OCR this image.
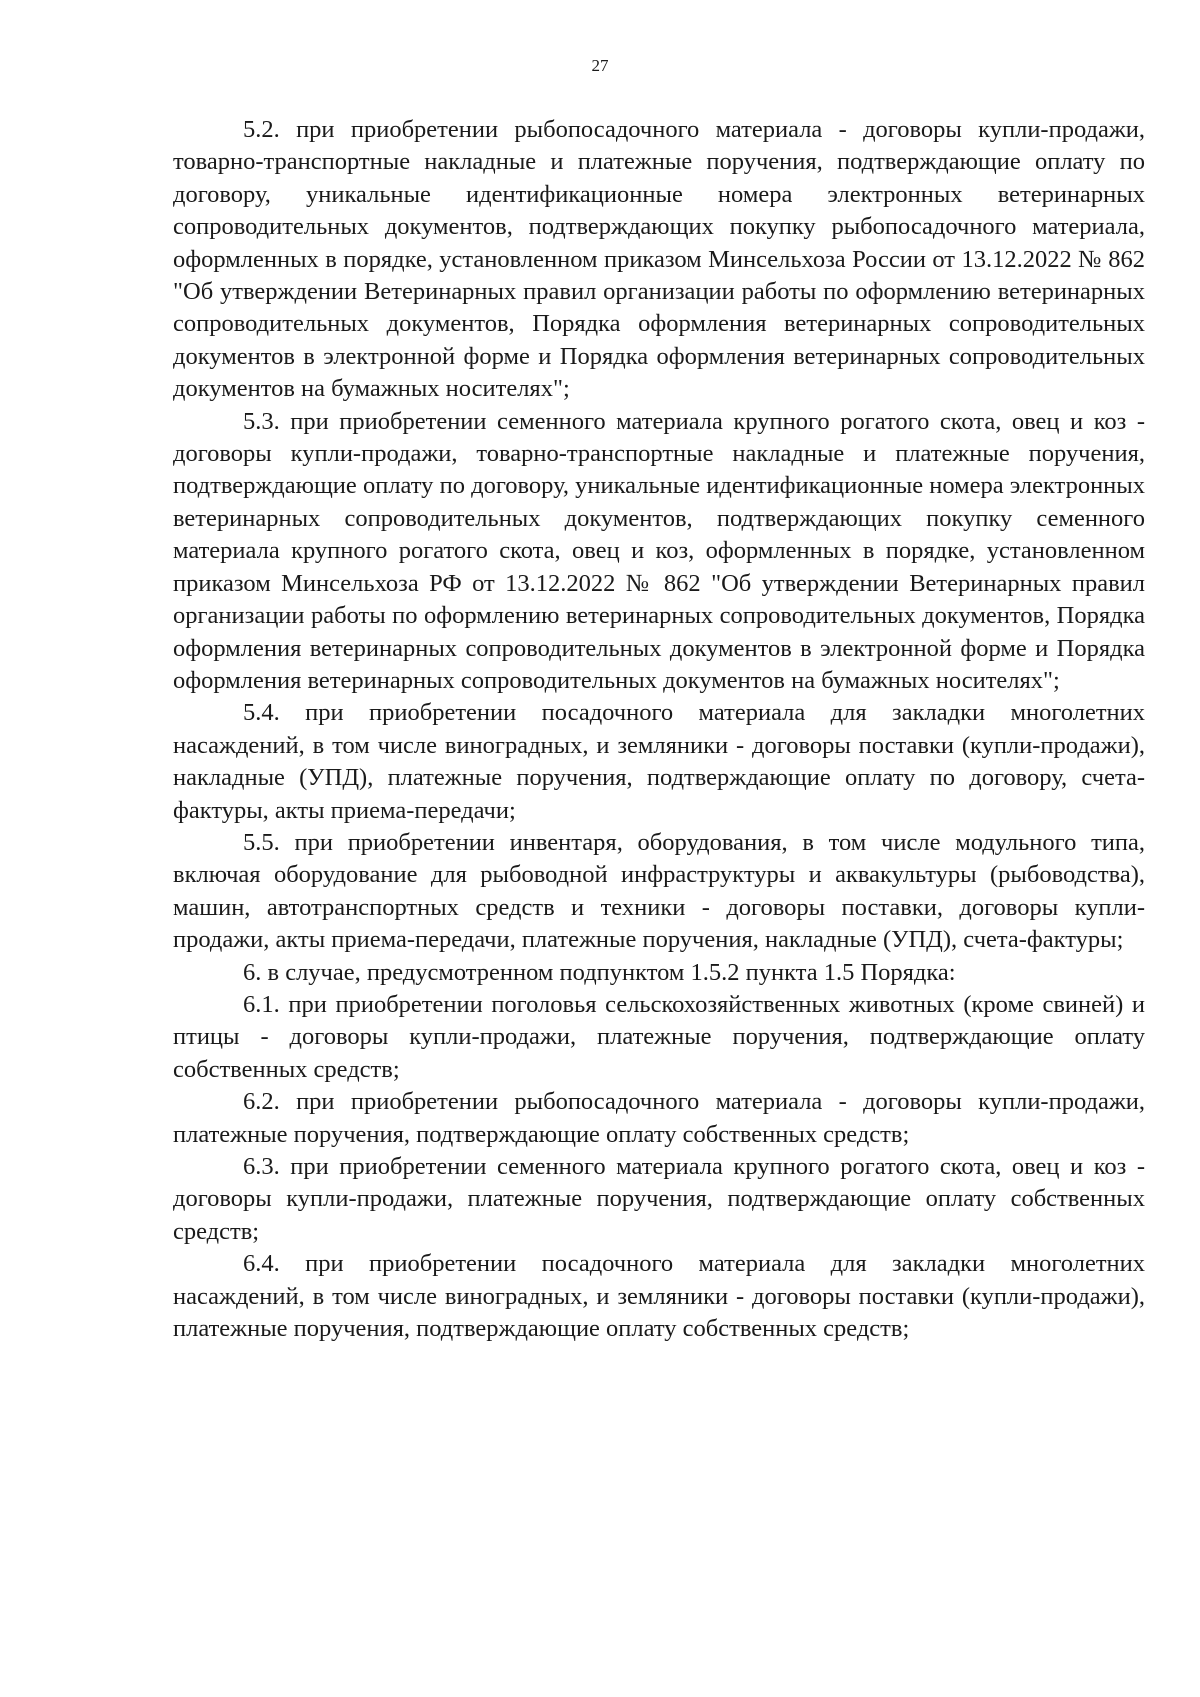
27

5.2. при приобретении рыбопосадочного материала - договоры купли-продажи, товарно-транспортные накладные и платежные поручения, подтверждающие оплату по договору, уникальные идентификационные номера электронных ветеринарных сопроводительных документов, подтверждающих покупку рыбопосадочного материала, оформленных в порядке, установленном приказом Минсельхоза России от 13.12.2022 № 862 "Об утверждении Ветеринарных правил организации работы по оформлению ветеринарных сопроводительных документов, Порядка оформления ветеринарных сопроводительных документов в электронной форме и Порядка оформления ветеринарных сопроводительных документов на бумажных носителях";

5.3. при приобретении семенного материала крупного рогатого скота, овец и коз - договоры купли-продажи, товарно-транспортные накладные и платежные поручения, подтверждающие оплату по договору, уникальные идентификационные номера электронных ветеринарных сопроводительных документов, подтверждающих покупку семенного материала крупного рогатого скота, овец и коз, оформленных в порядке, установленном приказом Минсельхоза РФ от 13.12.2022 № 862 "Об утверждении Ветеринарных правил организации работы по оформлению ветеринарных сопроводительных документов, Порядка оформления ветеринарных сопроводительных документов в электронной форме и Порядка оформления ветеринарных сопроводительных документов на бумажных носителях";

5.4. при приобретении посадочного материала для закладки многолетних насаждений, в том числе виноградных, и земляники - договоры поставки (купли-продажи), накладные (УПД), платежные поручения, подтверждающие оплату по договору, счета-фактуры, акты приема-передачи;

5.5. при приобретении инвентаря, оборудования, в том числе модульного типа, включая оборудование для рыбоводной инфраструктуры и аквакультуры (рыбоводства), машин, автотранспортных средств и техники - договоры поставки, договоры купли-продажи, акты приема-передачи, платежные поручения, накладные (УПД), счета-фактуры;

6. в случае, предусмотренном подпунктом 1.5.2 пункта 1.5 Порядка:

6.1. при приобретении поголовья сельскохозяйственных животных (кроме свиней) и птицы - договоры купли-продажи, платежные поручения, подтверждающие оплату собственных средств;

6.2. при приобретении рыбопосадочного материала - договоры купли-продажи, платежные поручения, подтверждающие оплату собственных средств;

6.3. при приобретении семенного материала крупного рогатого скота, овец и коз - договоры купли-продажи, платежные поручения, подтверждающие оплату собственных средств;

6.4. при приобретении посадочного материала для закладки многолетних насаждений, в том числе виноградных, и земляники - договоры поставки (купли-продажи), платежные поручения, подтверждающие оплату собственных средств;
